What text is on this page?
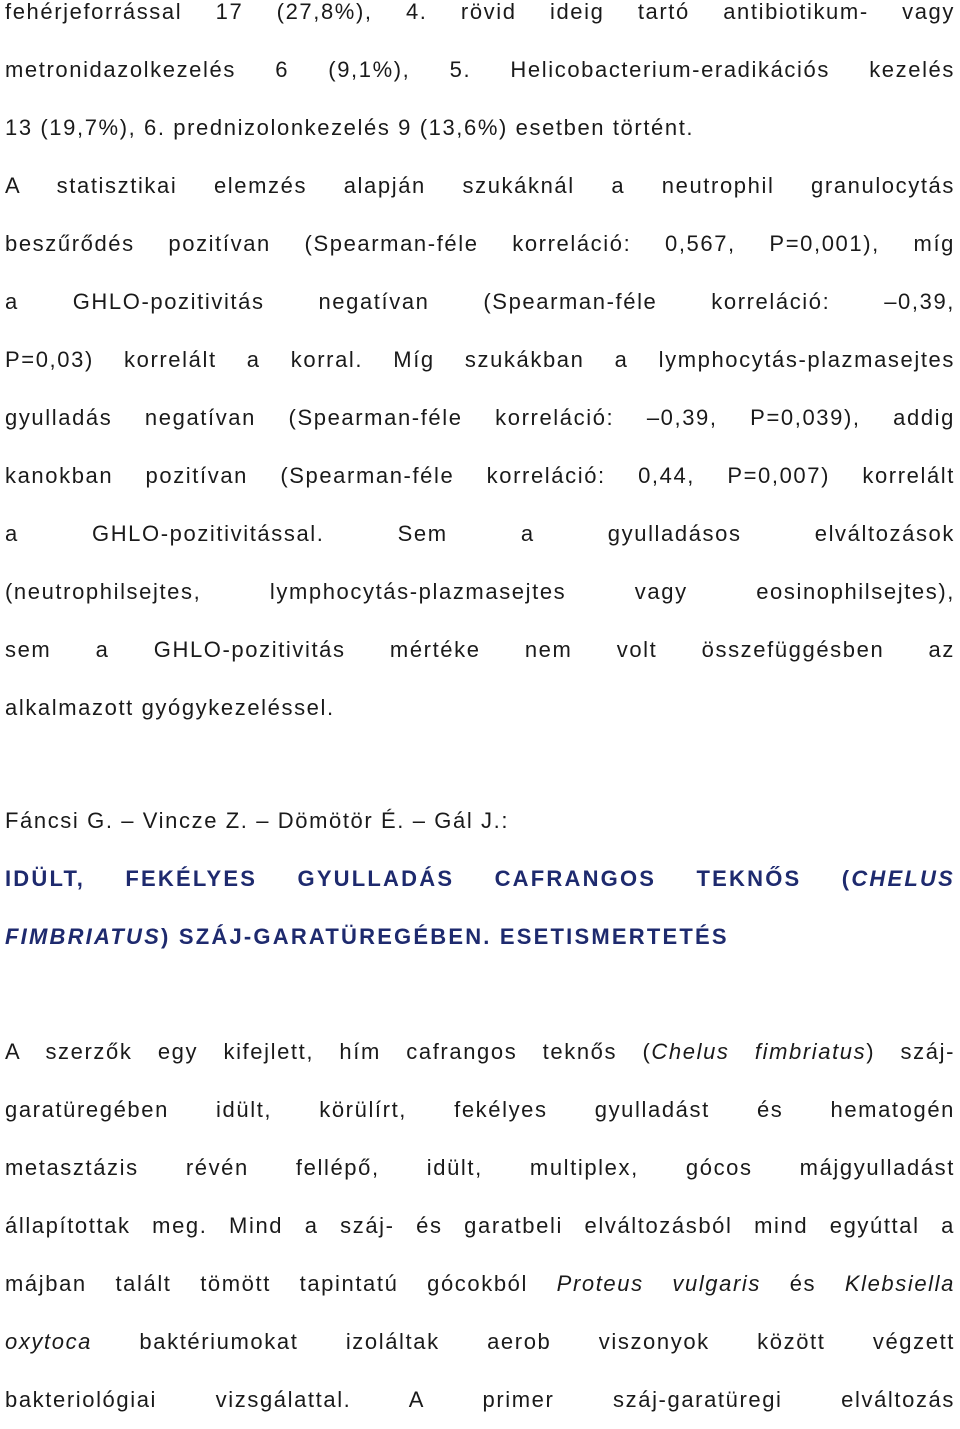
fehérjeforrással 17 (27,8%), 4. rövid ideig tartó antibiotikum- vagy
metronidazolkezelés 6 (9,1%), 5. Helicobacterium-eradikációs kezelés
13 (19,7%), 6. prednizolonkezelés 9 (13,6%) esetben történt.
A statisztikai elemzés alapján szukáknál a neutrophil granulocytás
beszűrődés pozitívan (Spearman-féle korreláció: 0,567, P=0,001), míg
a GHLO-pozitivitás negatívan (Spearman-féle korreláció: –0,39,
P=0,03) korrelált a korral. Míg szukákban a lymphocytás-plazmasejtes
gyulladás negatívan (Spearman-féle korreláció: –0,39, P=0,039), addig
kanokban pozitívan (Spearman-féle korreláció: 0,44, P=0,007) korrelált
a GHLO-pozitivitással. Sem a gyulladásos elváltozások
(neutrophilsejtes, lymphocytás-plazmasejtes vagy eosinophilsejtes),
sem a GHLO-pozitivitás mértéke nem volt összefüggésben az
alkalmazott gyógykezeléssel.
Fáncsi G. – Vincze Z. – Dömötör É. – Gál J.:
IDÜLT, FEKÉLYES GYULLADÁS CAFRANGOS TEKNŐS (CHELUS
FIMBRIATUS) SZÁJ-GARATÜREGÉBEN. ESETISMERTETÉS
A szerzők egy kifejlett, hím cafrangos teknős (Chelus fimbriatus) száj-
garatüregében idült, körülírt, fekélyes gyulladást és hematogén
metasztázis révén fellépő, idült, multiplex, gócos májgyulladást
állapítottak meg. Mind a száj- és garatbeli elváltozásból mind egyúttal a
májban talált tömött tapintatú gócokból Proteus vulgaris és Klebsiella
oxytoca baktériumokat izoláltak aerob viszonyok között végzett
bakteriológiai vizsgálattal. A primer száj-garatüregi elváltozás
